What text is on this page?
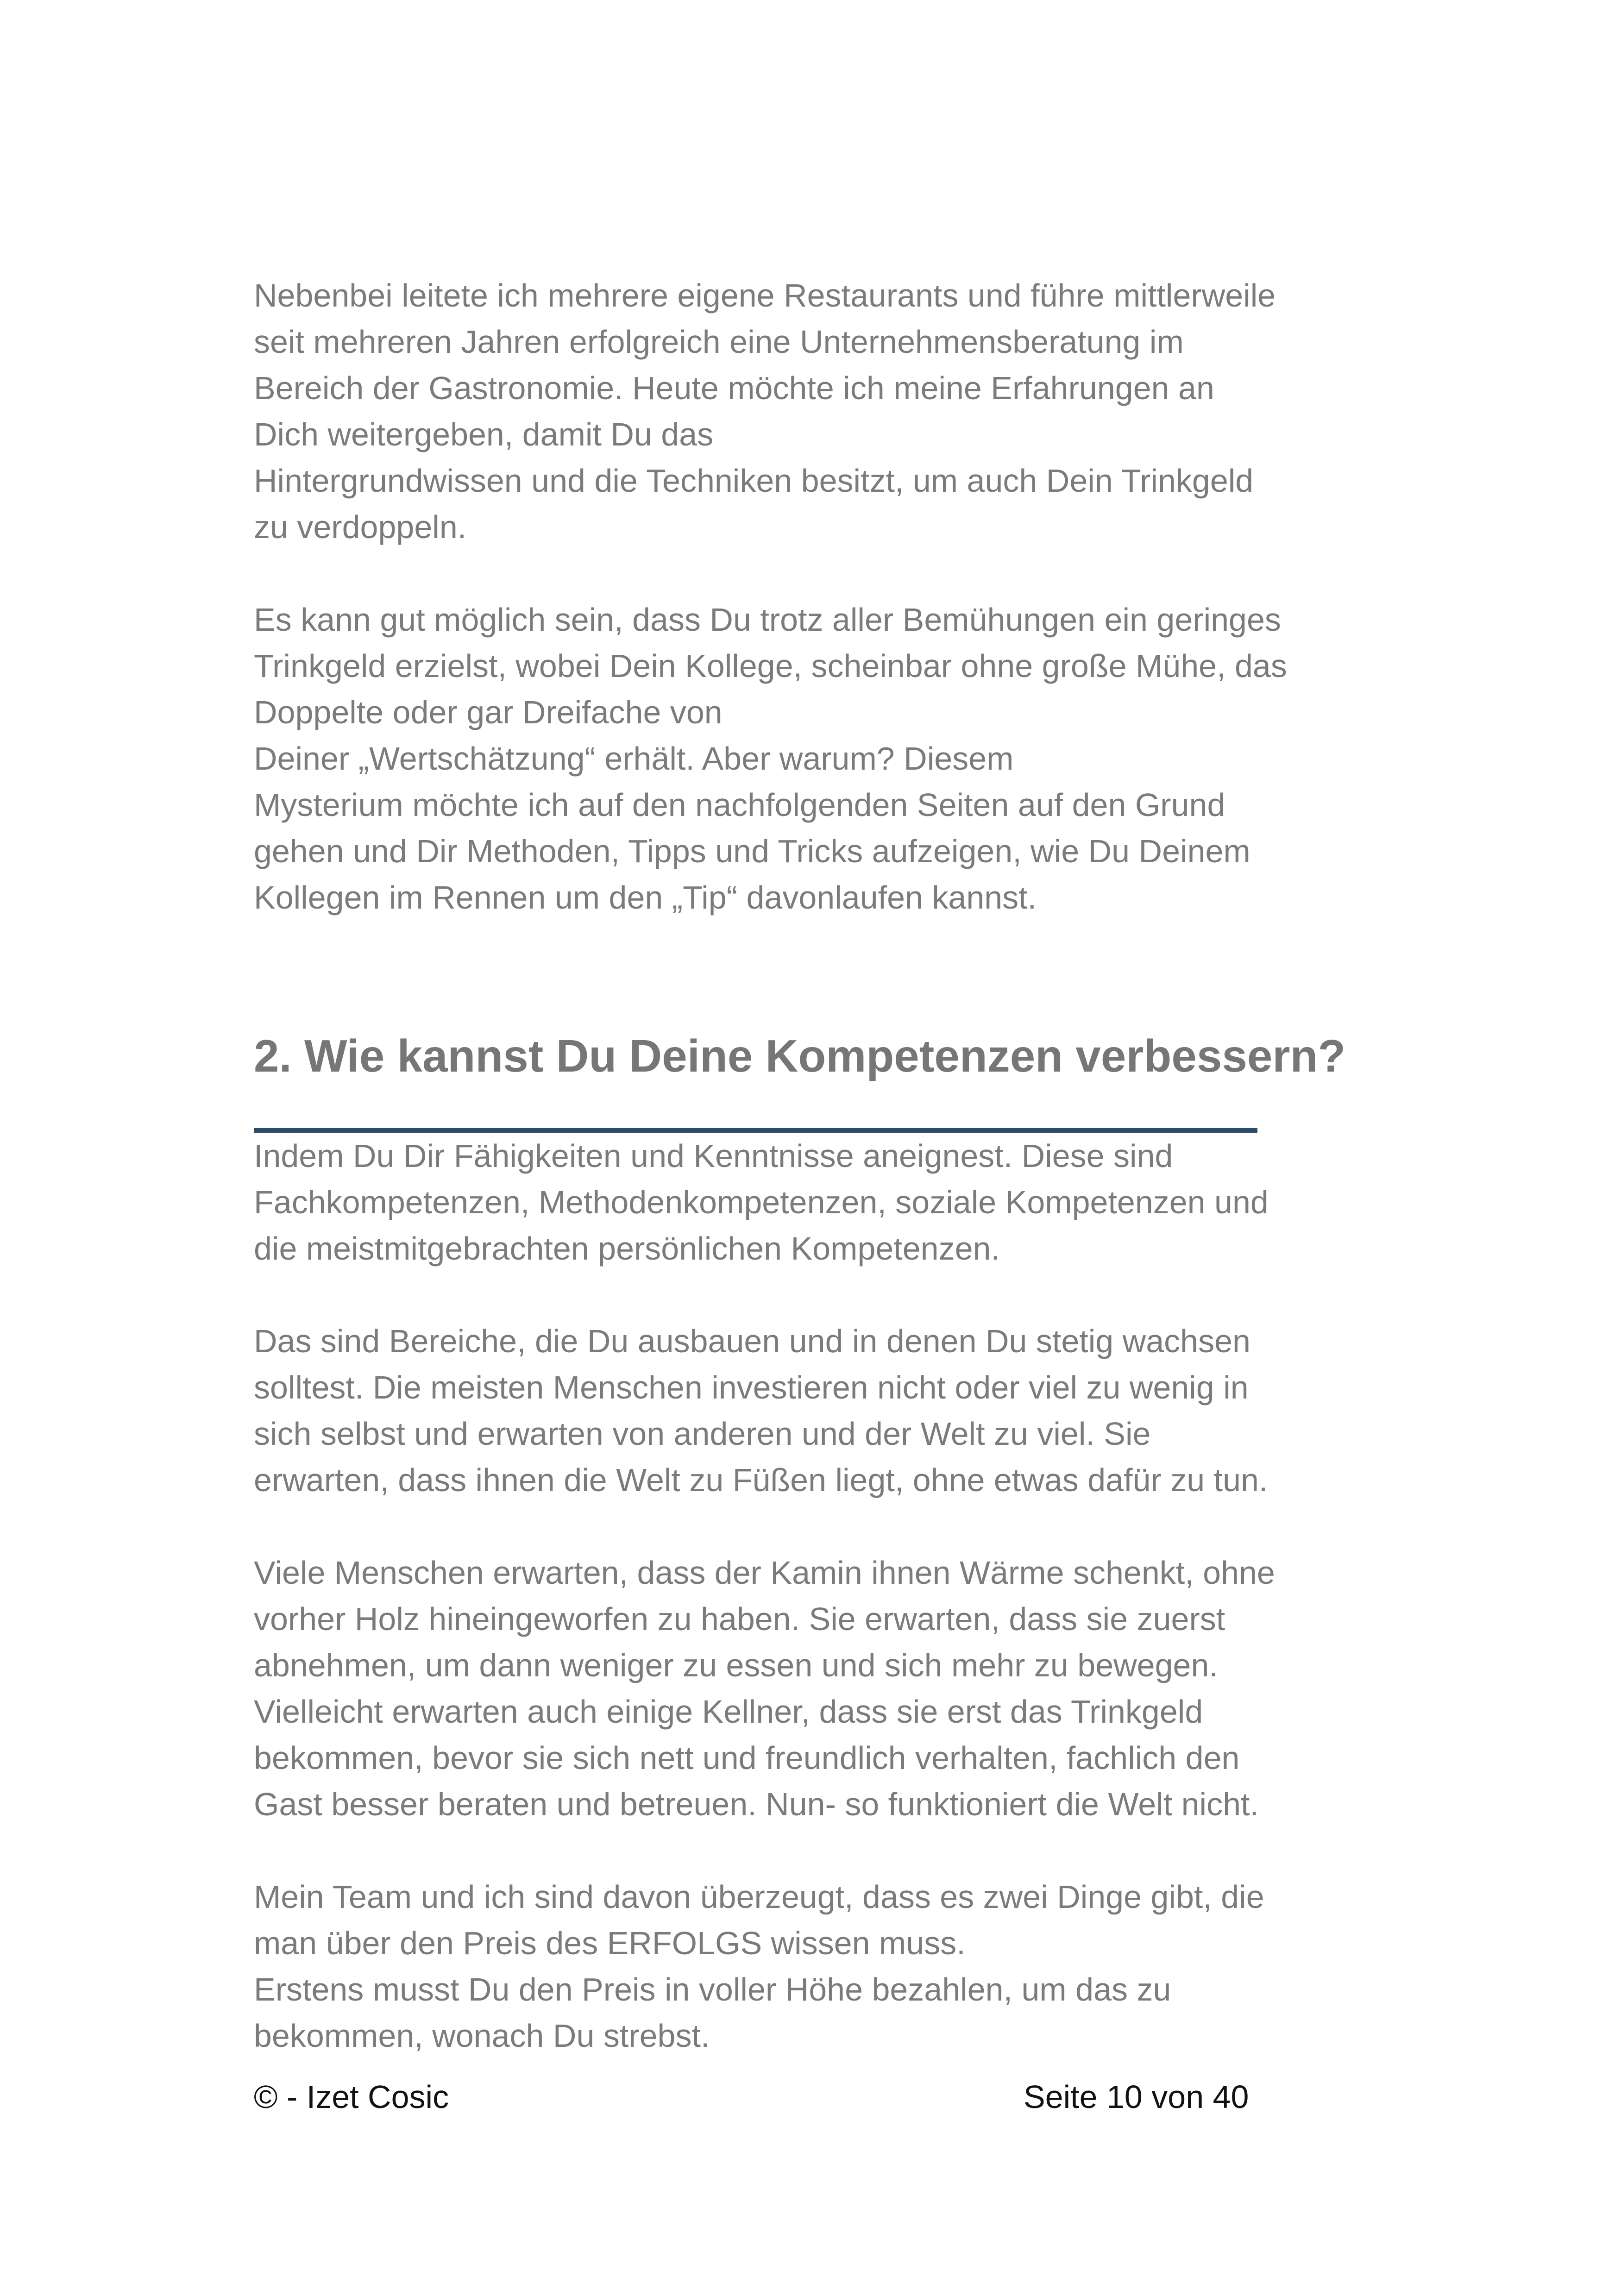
Nebenbei leitete ich mehrere eigene Restaurants und führe mittlerweile

seit mehreren Jahren erfolgreich eine Unternehmensberatung im

Bereich der Gastronomie. Heute möchte ich meine Erfahrungen an

Dich weitergeben, damit Du das

Hintergrundwissen und die Techniken besitzt, um auch Dein Trinkgeld

zu verdoppeln.

Es kann gut möglich sein, dass Du trotz aller Bemühungen ein geringes

Trinkgeld erzielst, wobei Dein Kollege, scheinbar ohne große Mühe, das

Doppelte oder gar Dreifache von

Deiner „Wertschätzung“ erhält. Aber warum? Diesem

Mysterium möchte ich auf den nachfolgenden Seiten auf den Grund

gehen und Dir Methoden, Tipps und Tricks aufzeigen, wie Du Deinem

Kollegen im Rennen um den „Tip“ davonlaufen kannst.

2. Wie kannst Du Deine Kompetenzen verbessern?

Indem Du Dir Fähigkeiten und Kenntnisse aneignest. Diese sind

Fachkompetenzen, Methodenkompetenzen, soziale Kompetenzen und

die meistmitgebrachten persönlichen Kompetenzen.

Das sind Bereiche, die Du ausbauen und in denen Du stetig wachsen

solltest. Die meisten Menschen investieren nicht oder viel zu wenig in

sich selbst und erwarten von anderen und der Welt zu viel. Sie

erwarten, dass ihnen die Welt zu Füßen liegt, ohne etwas dafür zu tun.

Viele Menschen erwarten, dass der Kamin ihnen Wärme schenkt, ohne

vorher Holz hineingeworfen zu haben. Sie erwarten, dass sie zuerst

abnehmen, um dann weniger zu essen und sich mehr zu bewegen.

Vielleicht erwarten auch einige Kellner, dass sie erst das Trinkgeld

bekommen, bevor sie sich nett und freundlich verhalten, fachlich den

Gast besser beraten und betreuen. Nun- so funktioniert die Welt nicht.

Mein Team und ich sind davon überzeugt, dass es zwei Dinge gibt, die

man über den Preis des ERFOLGS wissen muss.

Erstens musst Du den Preis in voller Höhe bezahlen, um das zu

bekommen, wonach Du strebst.

© - Izet Cosic	Seite 10 von 40
